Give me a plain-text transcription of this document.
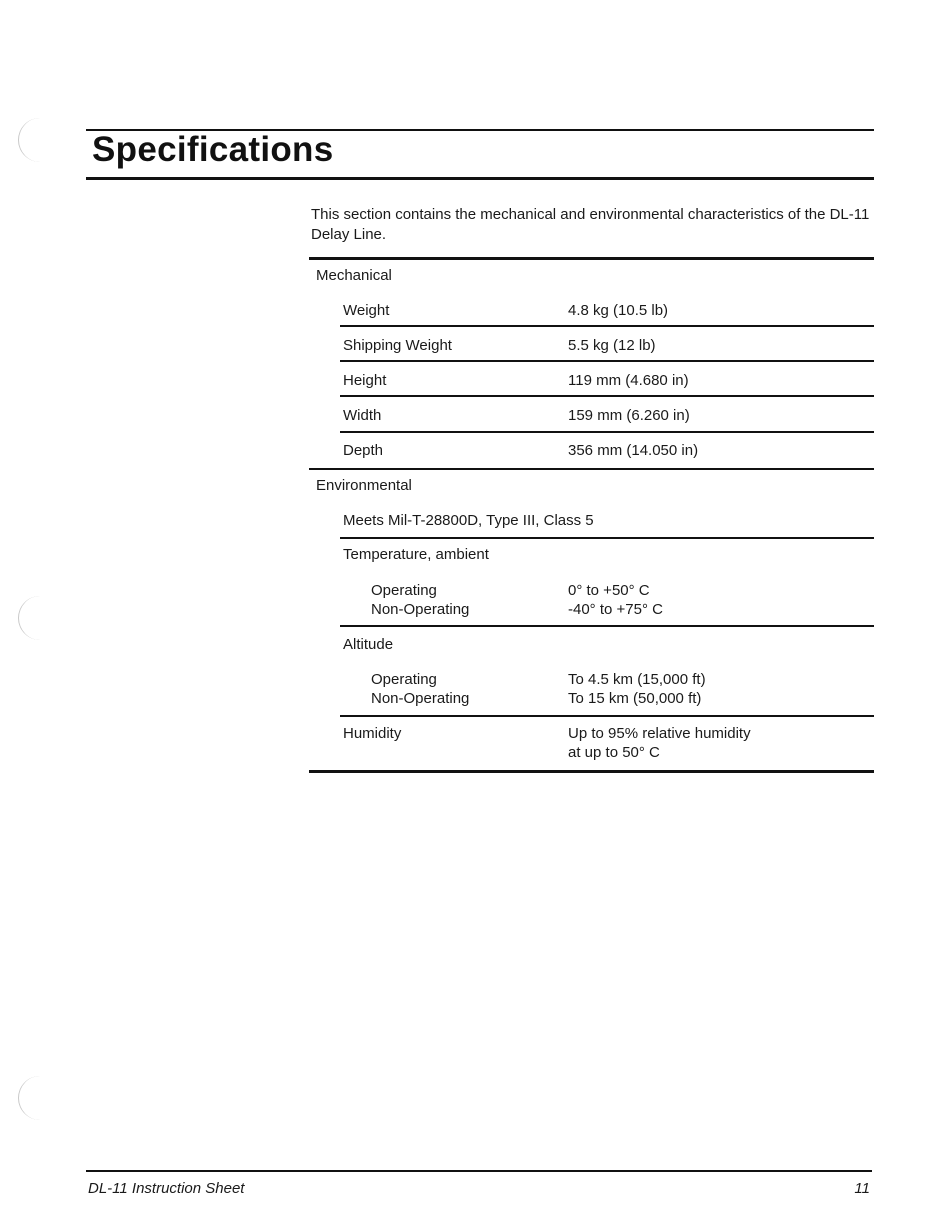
Specifications

This section contains the mechanical and environmental characteristics of the DL-11 Delay Line.

Mechanical
Weight	4.8 kg (10.5 lb)
Shipping Weight	5.5 kg (12 lb)
Height	119 mm (4.680 in)
Width	159 mm (6.260 in)
Depth	356 mm (14.050 in)
Environmental
Meets Mil-T-28800D, Type III, Class 5
Temperature, ambient
Operating	0° to +50° C
Non-Operating	-40° to +75° C
Altitude
Operating	To 4.5 km (15,000 ft)
Non-Operating	To 15 km (50,000 ft)
Humidity	Up to 95% relative humidity
at up to 50° C
DL-11 Instruction Sheet	11
